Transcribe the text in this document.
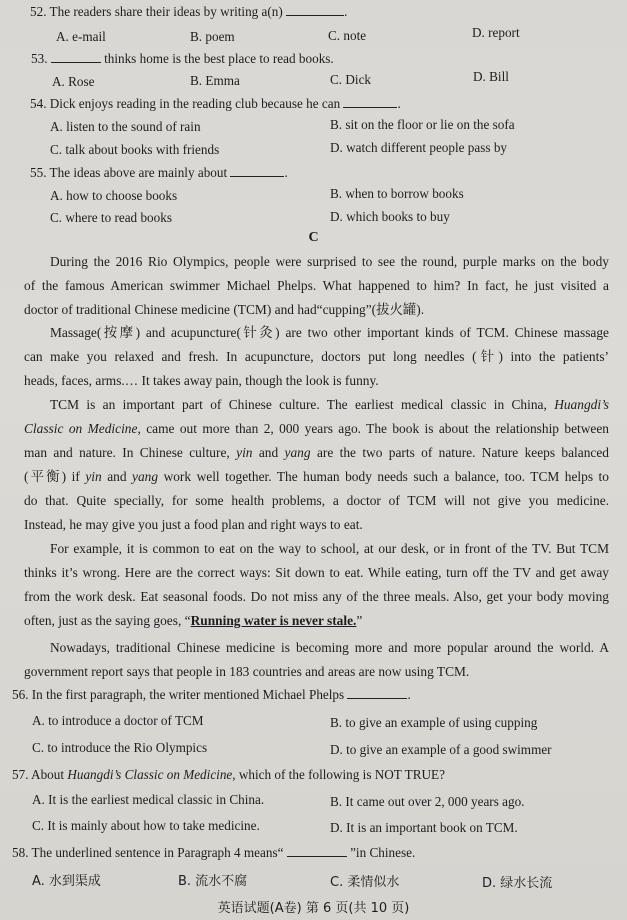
52. The readers share their ideas by writing a(n)	.
A. e-mail	B. poem	C. note	D. report
53.	thinks home is the best place to read books.
A. Rose	B. Emma	C. Dick	D. Bill
54. Dick enjoys reading in the reading club because he can	.
A. listen to the sound of rain	B. sit on the floor or lie on the sofa
C. talk about books with friends	D. watch different people pass by
55. The ideas above are mainly about	.
A. how to choose books	B. when to borrow books
C. where to read books	D. which books to buy
C
During the 2016 Rio Olympics, people were surprised to see the round, purple marks on the body
of the famous American swimmer Michael Phelps. What happened to him? In fact, he just visited a
doctor of traditional Chinese medicine (TCM) and had“cupping”(拔火罐).
Massage(按摩) and acupuncture(针灸) are two other important kinds of TCM. Chinese massage
can make you relaxed and fresh. In acupuncture, doctors put long needles (针) into the patients’
heads, faces, arms.… It takes away pain, though the look is funny.
TCM is an important part of Chinese culture. The earliest medical classic in China, Huangdi’s
Classic on Medicine, came out more than 2, 000 years ago. The book is about the relationship between
man and nature. In Chinese culture, yin and yang are the two parts of nature. Nature keeps balanced
(平衡) if yin and yang work well together. The human body needs such a balance, too. TCM helps to
do that. Quite specially, for some health problems, a doctor of TCM will not give you medicine.
Instead, he may give you just a food plan and right ways to eat.
For example, it is common to eat on the way to school, at our desk, or in front of the TV. But TCM
thinks it’s wrong. Here are the correct ways: Sit down to eat. While eating, turn off the TV and get away
from the work desk. Eat seasonal foods. Do not miss any of the three meals. Also, get your body moving
often, just as the saying goes, “Running water is never stale.”
Nowadays, traditional Chinese medicine is becoming more and more popular around the world. A
government report says that people in 183 countries and areas are now using TCM.
56. In the first paragraph, the writer mentioned Michael Phelps	.
A. to introduce a doctor of TCM	B. to give an example of using cupping
C. to introduce the Rio Olympics	D. to give an example of a good swimmer
57. About Huangdi’s Classic on Medicine, which of the following is NOT TRUE?
A. It is the earliest medical classic in China.	B. It came out over 2, 000 years ago.
C. It is mainly about how to take medicine.	D. It is an important book on TCM.
58. The underlined sentence in Paragraph 4 means“	”in Chinese.
A. 水到渠成	B. 流水不腐	C. 柔情似水	D. 绿水长流
英语试题(A卷) 第 6 页(共 10 页)
